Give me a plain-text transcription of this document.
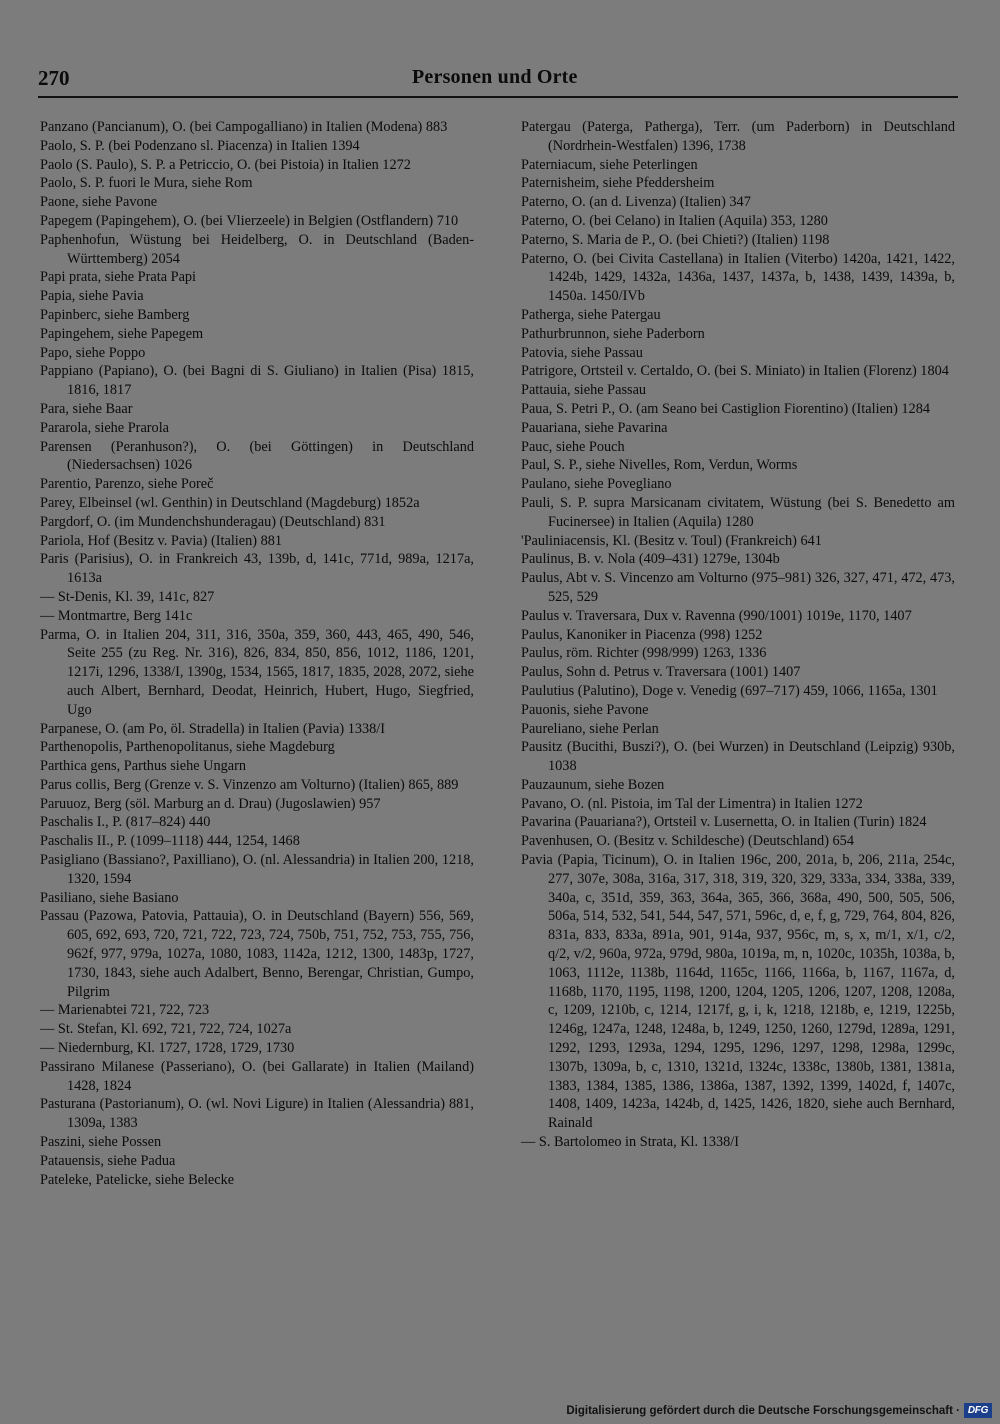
270	Personen und Orte
Panzano (Pancianum), O. (bei Campogalliano) in Italien (Modena) 883
Paolo, S. P. (bei Podenzano sl. Piacenza) in Italien 1394
Paolo (S. Paulo), S. P. a Petriccio, O. (bei Pistoia) in Italien 1272
Paolo, S. P. fuori le Mura, siehe Rom
Paone, siehe Pavone
Papegem (Papingehem), O. (bei Vlierzeele) in Belgien (Ostflandern) 710
Paphenhofun, Wüstung bei Heidelberg, O. in Deutschland (Baden-Württemberg) 2054
Papi prata, siehe Prata Papi
Papia, siehe Pavia
Papinberc, siehe Bamberg
Papingehem, siehe Papegem
Papo, siehe Poppo
Pappiano (Papiano), O. (bei Bagni di S. Giuliano) in Italien (Pisa) 1815, 1816, 1817
Para, siehe Baar
Pararola, siehe Prarola
Parensen (Peranhuson?), O. (bei Göttingen) in Deutschland (Niedersachsen) 1026
Parentio, Parenzo, siehe Poreč
Parey, Elbeinsel (wl. Genthin) in Deutschland (Magdeburg) 1852a
Pargdorf, O. (im Mundenchshunderagau) (Deutschland) 831
Pariola, Hof (Besitz v. Pavia) (Italien) 881
Paris (Parisius), O. in Frankreich 43, 139b, d, 141c, 771d, 989a, 1217a, 1613a
— St-Denis, Kl. 39, 141c, 827
— Montmartre, Berg 141c
Parma, O. in Italien 204, 311, 316, 350a, 359, 360, 443, 465, 490, 546, Seite 255 (zu Reg. Nr. 316), 826, 834, 850, 856, 1012, 1186, 1201, 1217i, 1296, 1338/I, 1390g, 1534, 1565, 1817, 1835, 2028, 2072, siehe auch Albert, Bernhard, Deodat, Heinrich, Hubert, Hugo, Siegfried, Ugo
Parpanese, O. (am Po, öl. Stradella) in Italien (Pavia) 1338/I
Parthenopolis, Parthenopolitanus, siehe Magdeburg
Parthica gens, Parthus siehe Ungarn
Parus collis, Berg (Grenze v. S. Vinzenzo am Volturno) (Italien) 865, 889
Paruuoz, Berg (söl. Marburg an d. Drau) (Jugoslawien) 957
Paschalis I., P. (817–824) 440
Paschalis II., P. (1099–1118) 444, 1254, 1468
Pasigliano (Bassiano?, Paxilliano), O. (nl. Alessandria) in Italien 200, 1218, 1320, 1594
Pasiliano, siehe Basiano
Passau (Pazowa, Patovia, Pattauia), O. in Deutschland (Bayern) 556, 569, 605, 692, 693, 720, 721, 722, 723, 724, 750b, 751, 752, 753, 755, 756, 962f, 977, 979a, 1027a, 1080, 1083, 1142a, 1212, 1300, 1483p, 1727, 1730, 1843, siehe auch Adalbert, Benno, Berengar, Christian, Gumpo, Pilgrim
— Marienabtei 721, 722, 723
— St. Stefan, Kl. 692, 721, 722, 724, 1027a
— Niedernburg, Kl. 1727, 1728, 1729, 1730
Passirano Milanese (Passeriano), O. (bei Gallarate) in Italien (Mailand) 1428, 1824
Pasturana (Pastorianum), O. (wl. Novi Ligure) in Italien (Alessandria) 881, 1309a, 1383
Paszini, siehe Possen
Patauensis, siehe Padua
Pateleke, Patelicke, siehe Belecke
Patergau (Paterga, Patherga), Terr. (um Paderborn) in Deutschland (Nordrhein-Westfalen) 1396, 1738
Paterniacum, siehe Peterlingen
Paternisheim, siehe Pfeddersheim
Paterno, O. (an d. Livenza) (Italien) 347
Paterno, O. (bei Celano) in Italien (Aquila) 353, 1280
Paterno, S. Maria de P., O. (bei Chieti?) (Italien) 1198
Paterno, O. (bei Civita Castellana) in Italien (Viterbo) 1420a, 1421, 1422, 1424b, 1429, 1432a, 1436a, 1437, 1437a, b, 1438, 1439, 1439a, b, 1450a. 1450/IVb
Patherga, siehe Patergau
Pathurbrunnon, siehe Paderborn
Patovia, siehe Passau
Patrigore, Ortsteil v. Certaldo, O. (bei S. Miniato) in Italien (Florenz) 1804
Pattauia, siehe Passau
Paua, S. Petri P., O. (am Seano bei Castiglion Fiorentino) (Italien) 1284
Pauariana, siehe Pavarina
Pauc, siehe Pouch
Paul, S. P., siehe Nivelles, Rom, Verdun, Worms
Paulano, siehe Povegliano
Pauli, S. P. supra Marsicanam civitatem, Wüstung (bei S. Benedetto am Fucinersee) in Italien (Aquila) 1280
'Pauliniacensis, Kl. (Besitz v. Toul) (Frankreich) 641
Paulinus, B. v. Nola (409–431) 1279e, 1304b
Paulus, Abt v. S. Vincenzo am Volturno (975–981) 326, 327, 471, 472, 473, 525, 529
Paulus v. Traversara, Dux v. Ravenna (990/1001) 1019e, 1170, 1407
Paulus, Kanoniker in Piacenza (998) 1252
Paulus, röm. Richter (998/999) 1263, 1336
Paulus, Sohn d. Petrus v. Traversara (1001) 1407
Paulutius (Palutino), Doge v. Venedig (697–717) 459, 1066, 1165a, 1301
Pauonis, siehe Pavone
Paureliano, siehe Perlan
Pausitz (Bucithi, Buszi?), O. (bei Wurzen) in Deutschland (Leipzig) 930b, 1038
Pauzaunum, siehe Bozen
Pavano, O. (nl. Pistoia, im Tal der Limentra) in Italien 1272
Pavarina (Pauariana?), Ortsteil v. Lusernetta, O. in Italien (Turin) 1824
Pavenhusen, O. (Besitz v. Schildesche) (Deutschland) 654
Pavia (Papia, Ticinum), O. in Italien 196c, 200, 201a, b, 206, 211a, 254c, 277, 307e, 308a, 316a, 317, 318, 319, 320, 329, 333a, 334, 338a, 339, 340a, c, 351d, 359, 363, 364a, 365, 366, 368a, 490, 500, 505, 506, 506a, 514, 532, 541, 544, 547, 571, 596c, d, e, f, g, 729, 764, 804, 826, 831a, 833, 833a, 891a, 901, 914a, 937, 956c, m, s, x, m/1, x/1, c/2, q/2, v/2, 960a, 972a, 979d, 980a, 1019a, m, n, 1020c, 1035h, 1038a, b, 1063, 1112e, 1138b, 1164d, 1165c, 1166, 1166a, b, 1167, 1167a, d, 1168b, 1170, 1195, 1198, 1200, 1204, 1205, 1206, 1207, 1208, 1208a, c, 1209, 1210b, c, 1214, 1217f, g, i, k, 1218, 1218b, e, 1219, 1225b, 1246g, 1247a, 1248, 1248a, b, 1249, 1250, 1260, 1279d, 1289a, 1291, 1292, 1293, 1293a, 1294, 1295, 1296, 1297, 1298, 1298a, 1299c, 1307b, 1309a, b, c, 1310, 1321d, 1324c, 1338c, 1380b, 1381, 1381a, 1383, 1384, 1385, 1386, 1386a, 1387, 1392, 1399, 1402d, f, 1407c, 1408, 1409, 1423a, 1424b, d, 1425, 1426, 1820, siehe auch Bernhard, Rainald
— S. Bartolomeo in Strata, Kl. 1338/I
Digitalisierung gefördert durch die Deutsche Forschungsgemeinschaft · DFG
